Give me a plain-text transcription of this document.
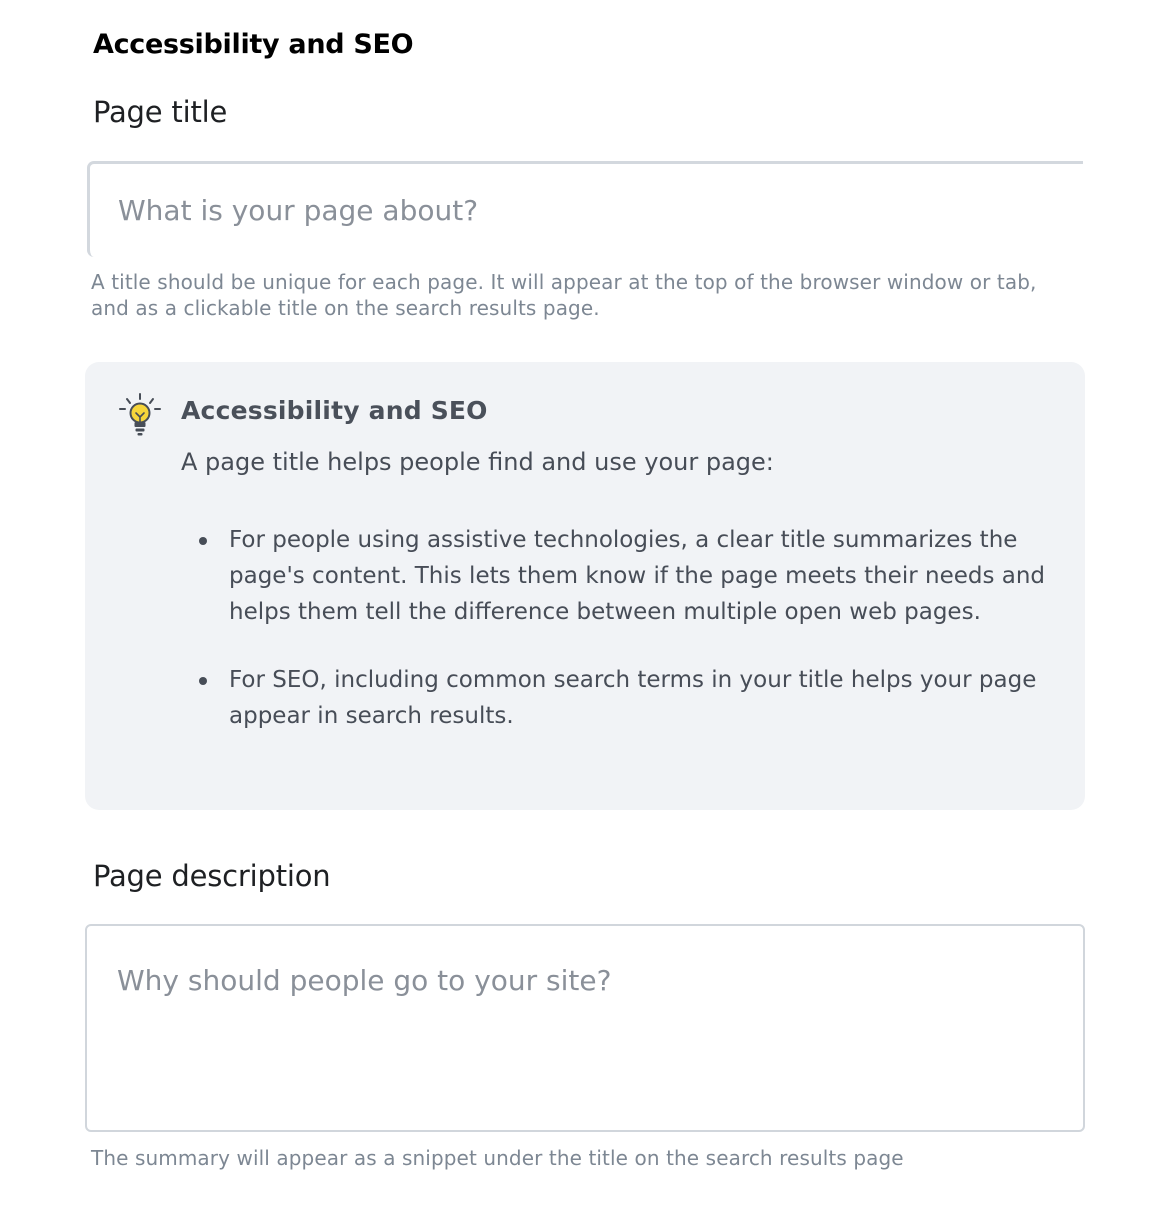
Accessibility and SEO
Page title
What is your page about?

A title should be unique for each page. It will appear at the top of the browser window or tab, and as a clickable title on the search results page.

Accessibility and SEO

A page title helps people find and use your page:

For people using assistive technologies, a clear title summarizes the page's content. This lets them know if the page meets their needs and helps them tell the difference between multiple open web pages.
For SEO, including common search terms in your title helps your page appear in search results.
Page description
Why should people go to your site?

The summary will appear as a snippet under the title on the search results page
